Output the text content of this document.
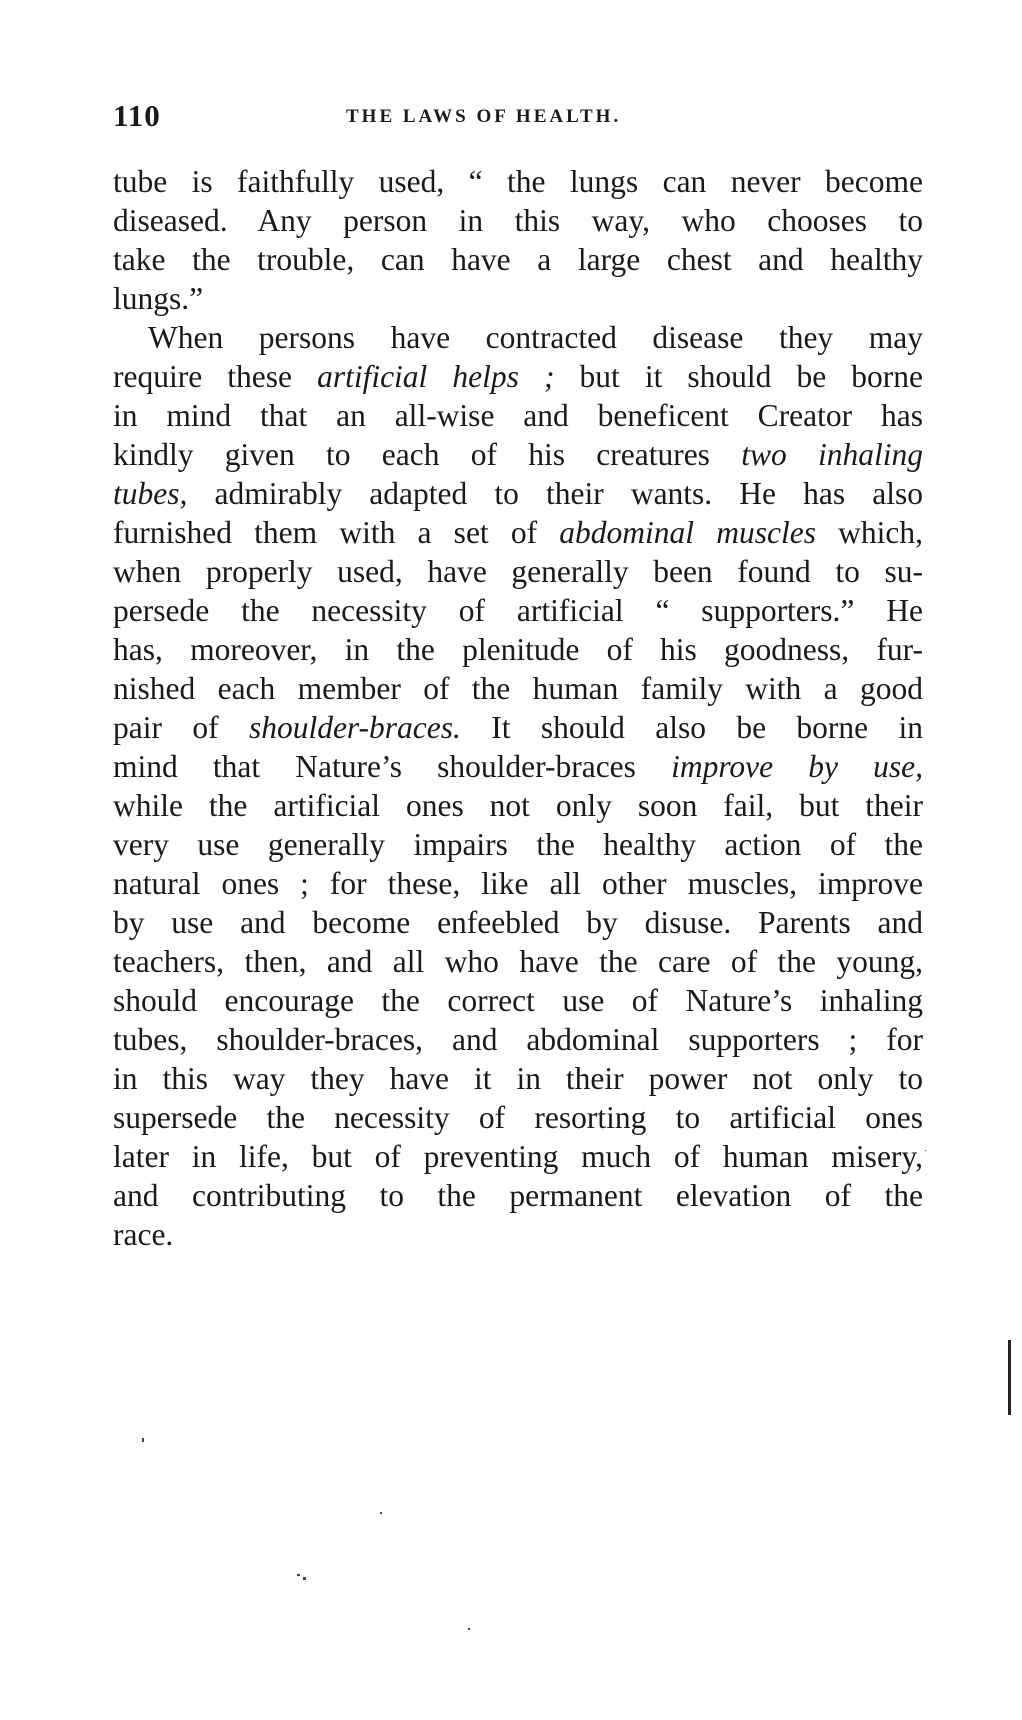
110	THE LAWS OF HEALTH.
tube is faithfully used, “ the lungs can never become
diseased. Any person in this way, who chooses to
take the trouble, can have a large chest and healthy
lungs.”
When persons have contracted disease they may
require these artificial helps ; but it should be borne
in mind that an all-wise and beneficent Creator has
kindly given to each of his creatures two inhaling
tubes, admirably adapted to their wants. He has also
furnished them with a set of abdominal muscles which,
when properly used, have generally been found to su-
persede the necessity of artificial “ supporters.” He
has, moreover, in the plenitude of his goodness, fur-
nished each member of the human family with a good
pair of shoulder-braces. It should also be borne in
mind that Nature’s shoulder-braces improve by use,
while the artificial ones not only soon fail, but their
very use generally impairs the healthy action of the
natural ones ; for these, like all other muscles, improve
by use and become enfeebled by disuse. Parents and
teachers, then, and all who have the care of the young,
should encourage the correct use of Nature’s inhaling
tubes, shoulder-braces, and abdominal supporters ; for
in this way they have it in their power not only to
supersede the necessity of resorting to artificial ones
later in life, but of preventing much of human misery,
and contributing to the permanent elevation of the
race.
